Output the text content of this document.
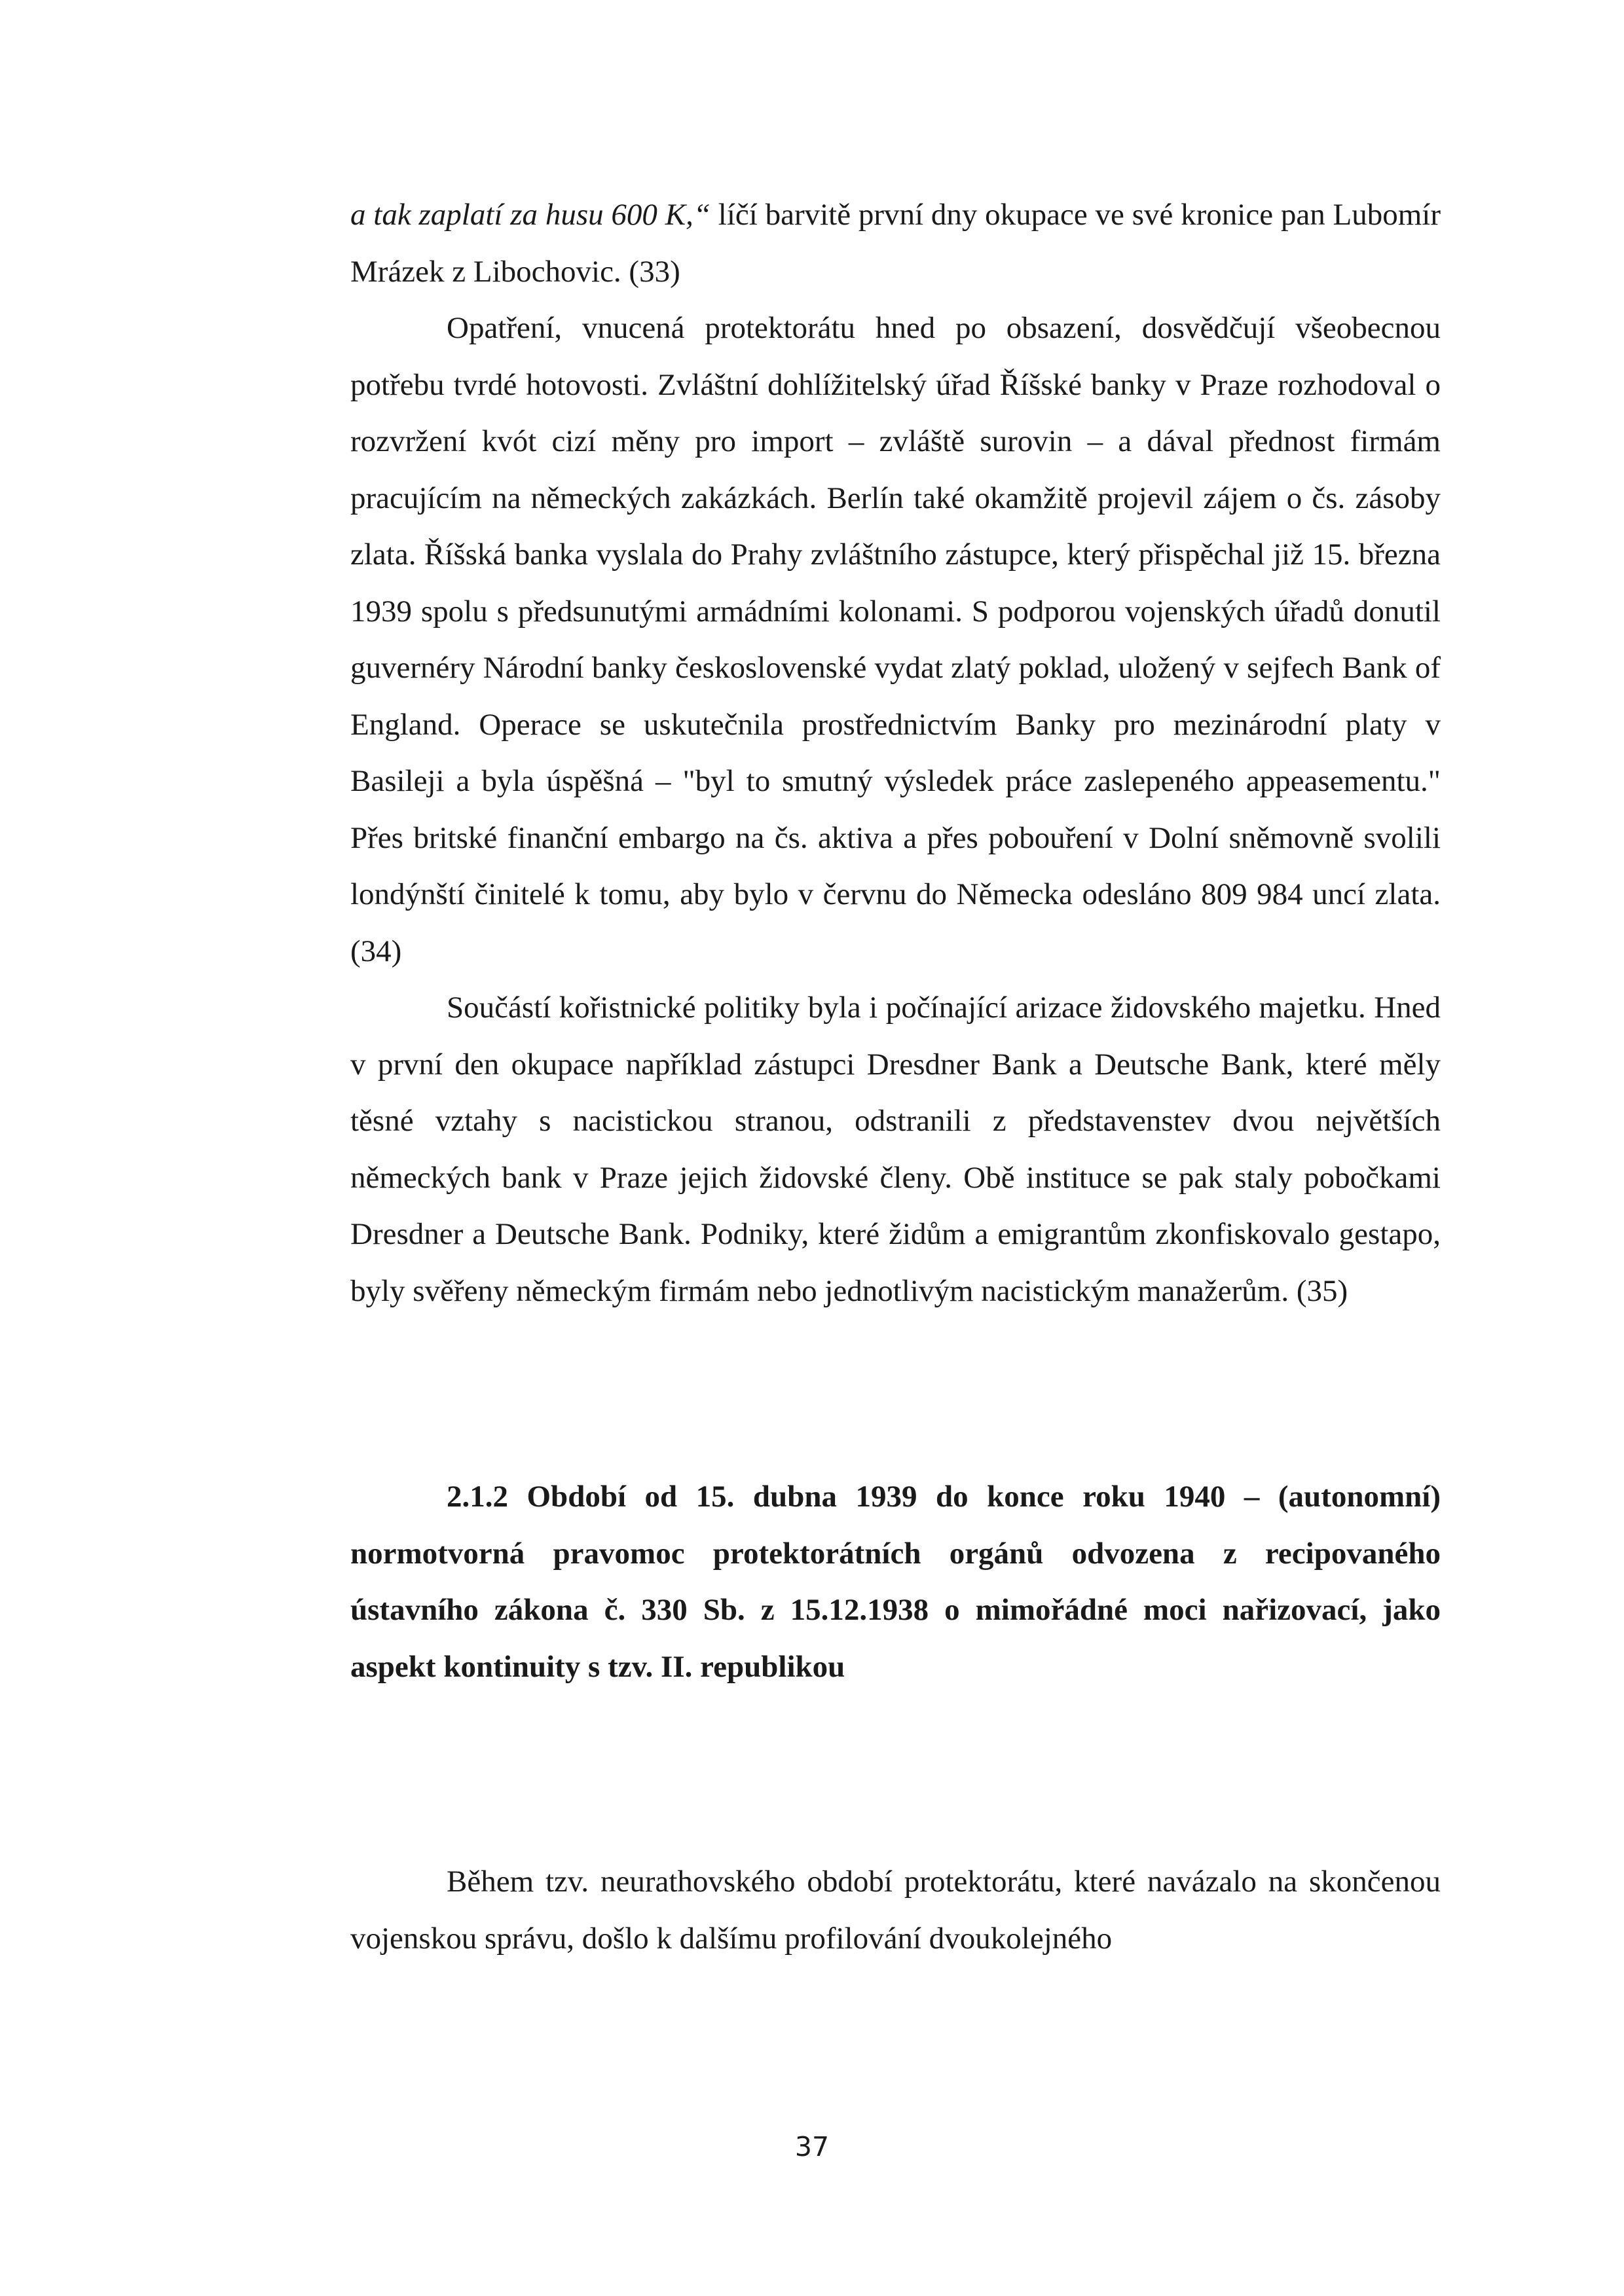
a tak zaplatí za husu 600 K,“ líčí barvitě první dny okupace ve své kronice pan Lubomír Mrázek z Libochovic. (33)

Opatření, vnucená protektorátu hned po obsazení, dosvědčují všeobecnou potřebu tvrdé hotovosti. Zvláštní dohlížitelský úřad Říšské banky v Praze rozhodoval o rozvržení kvót cizí měny pro import – zvláště surovin – a dával přednost firmám pracujícím na německých zakázkách. Berlín také okamžitě projevil zájem o čs. zásoby zlata. Říšská banka vyslala do Prahy zvláštního zástupce, který přispěchal již 15. března 1939 spolu s předsunutými armádními kolonami. S podporou vojenských úřadů donutil guvernéry Národní banky československé vydat zlatý poklad, uložený v sejfech Bank of England. Operace se uskutečnila prostřednictvím Banky pro mezinárodní platy v Basileji a byla úspěšná – "byl to smutný výsledek práce zaslepeného appeasementu." Přes britské finanční embargo na čs. aktiva a přes pobouření v Dolní sněmovně svolili londýnští činitelé k tomu, aby bylo v červnu do Německa odesláno 809 984 uncí zlata. (34)

Součástí kořistnické politiky byla i počínající arizace židovského majetku. Hned v první den okupace například zástupci Dresdner Bank a Deutsche Bank, které měly těsné vztahy s nacistickou stranou, odstranili z představenstev dvou největších německých bank v Praze jejich židovské členy. Obě instituce se pak staly pobočkami Dresdner a Deutsche Bank. Podniky, které židům a emigrantům zkonfiskovalo gestapo, byly svěřeny německým firmám nebo jednotlivým nacistickým manažerům. (35)

2.1.2 Období od 15. dubna 1939 do konce roku 1940 – (autonomní) normotvorná pravomoc protektorátních orgánů odvozena z recipovaného ústavního zákona č. 330 Sb. z 15.12.1938 o mimořádné moci nařizovací, jako aspekt kontinuity s tzv. II. republikou

Během tzv. neurathovského období protektorátu, které navázalo na skončenou vojenskou správu, došlo k dalšímu profilování dvoukolejného

37
